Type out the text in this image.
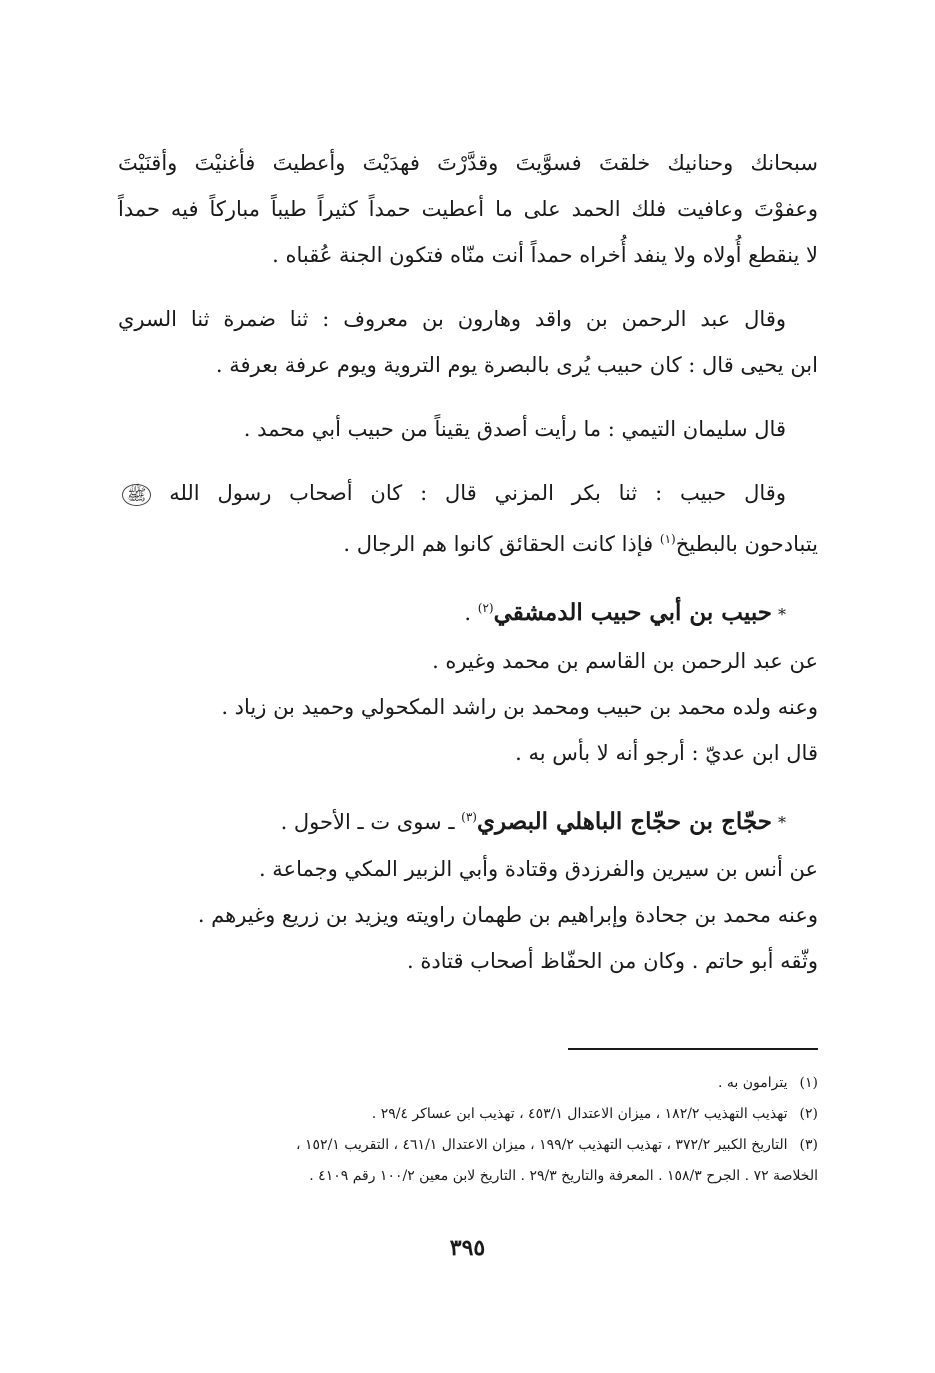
سبحانك وحنانيك خلقتَ فسوَّيتَ وقدَّرْتَ فهدَيْتَ وأعطيتَ فأغنيْتَ وأقنَيْتَ
وعفوْتَ وعافيت فلك الحمد على ما أعطيت حمداً كثيراً طيباً مباركاً فيه حمداً
لا ينقطع أُولاه ولا ينفد أُخراه حمداً أنت منّاه فتكون الجنة عُقباه .
وقال عبد الرحمن بن واقد وهارون بن معروف : ثنا ضمرة ثنا السري
ابن يحيى قال : كان حبيب يُرى بالبصرة يوم التروية ويوم عرفة بعرفة .
قال سليمان التيمي : ما رأيت أصدق يقيناً من حبيب أبي محمد .
وقال حبيب : ثنا بكر المزني قال : كان أصحاب رسول الله ﷺ
يتبادحون بالبطيخ$^{(١)}$ فإذا كانت الحقائق كانوا هم الرجال .
*حبيب بن أبي حبيب الدمشقي$^{(٢)}$ .
عن عبد الرحمن بن القاسم بن محمد وغيره .
وعنه ولده محمد بن حبيب ومحمد بن راشد المكحولي وحميد بن زياد .
قال ابن عديّ : أرجو أنه لا بأس به .
*حجّاج بن حجّاج الباهلي البصري$^{(٣)}$ ـ سوى ت ـ الأحول .
عن أنس بن سيرين والفرزدق وقتادة وأبي الزبير المكي وجماعة .
وعنه محمد بن جحادة وإبراهيم بن طهمان راويته ويزيد بن زريع وغيرهم .
وثّقه أبو حاتم . وكان من الحفّاظ أصحاب قتادة .
(١)يترامون به .
(٢)تهذيب التهذيب ١٨٢/٢ ، ميزان الاعتدال ٤٥٣/١ ، تهذيب ابن عساكر ٢٩/٤ .
(٣)التاريخ الكبير ٣٧٢/٢ ، تهذيب التهذيب ١٩٩/٢ ، ميزان الاعتدال ٤٦١/١ ، التقريب ١٥٢/١ ،
الخلاصة ٧٢ . الجرح ١٥٨/٣ . المعرفة والتاريخ ٢٩/٣ . التاريخ لابن معين ١٠٠/٢ رقم ٤١٠٩ .
٣٩٥
